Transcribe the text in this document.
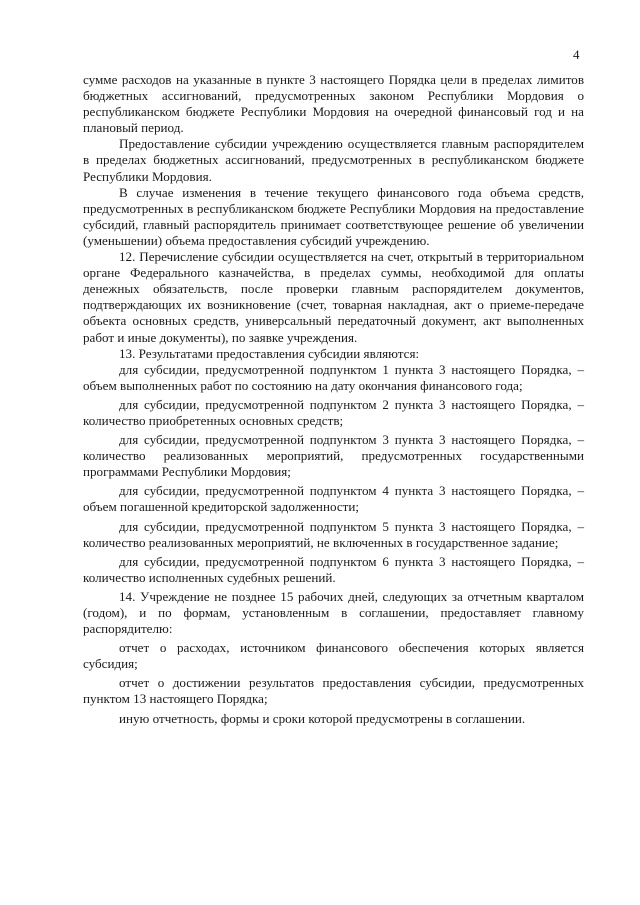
4

сумме расходов на указанные в пункте 3 настоящего Порядка цели в пределах лимитов бюджетных ассигнований, предусмотренных законом Республики Мордовия о республиканском бюджете Республики Мордовия на очередной финансовый год и на плановый период.

Предоставление субсидии учреждению осуществляется главным распорядителем в пределах бюджетных ассигнований, предусмотренных в республиканском бюджете Республики Мордовия.

В случае изменения в течение текущего финансового года объема средств, предусмотренных в республиканском бюджете Республики Мордовия на предоставление субсидий, главный распорядитель принимает соответствующее решение об увеличении (уменьшении) объема предоставления субсидий учреждению.

12. Перечисление субсидии осуществляется на счет, открытый в территориальном органе Федерального казначейства, в пределах суммы, необходимой для оплаты денежных обязательств, после проверки главным распорядителем документов, подтверждающих их возникновение (счет, товарная накладная, акт о приеме-передаче объекта основных средств, универсальный передаточный документ, акт выполненных работ и иные документы), по заявке учреждения.

13. Результатами предоставления субсидии являются:

для субсидии, предусмотренной подпунктом 1 пункта 3 настоящего Порядка, – объем выполненных работ по состоянию на дату окончания финансового года;

для субсидии, предусмотренной подпунктом 2 пункта 3 настоящего Порядка, – количество приобретенных основных средств;

для субсидии, предусмотренной подпунктом 3 пункта 3 настоящего Порядка, – количество реализованных мероприятий, предусмотренных государственными программами Республики Мордовия;

для субсидии, предусмотренной подпунктом 4 пункта 3 настоящего Порядка, – объем погашенной кредиторской задолженности;

для субсидии, предусмотренной подпунктом 5 пункта 3 настоящего Порядка, – количество реализованных мероприятий, не включенных в государственное задание;

для субсидии, предусмотренной подпунктом 6 пункта 3 настоящего Порядка, – количество исполненных судебных решений.

14. Учреждение не позднее 15 рабочих дней, следующих за отчетным кварталом (годом), и по формам, установленным в соглашении, предоставляет главному распорядителю:

отчет о расходах, источником финансового обеспечения которых является субсидия;

отчет о достижении результатов предоставления субсидии, предусмотренных пунктом 13 настоящего Порядка;

иную отчетность, формы и сроки которой предусмотрены в соглашении.
